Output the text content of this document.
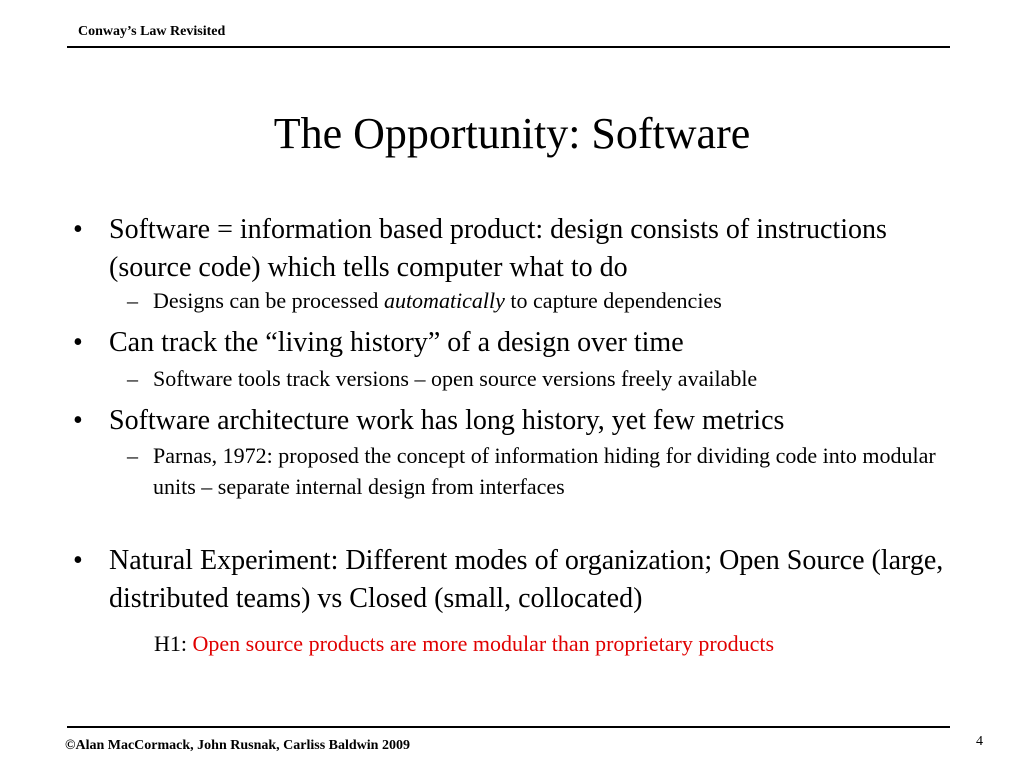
Conway’s Law Revisited
The Opportunity: Software
• Software = information based product: design consists of instructions (source code) which tells computer what to do
– Designs can be processed automatically to capture dependencies
• Can track the “living history” of a design over time
– Software tools track versions – open source versions freely available
• Software architecture work has long history, yet few metrics
– Parnas, 1972: proposed the concept of information hiding for dividing code into modular units – separate internal design from interfaces
• Natural Experiment: Different modes of organization; Open Source (large, distributed teams) vs Closed (small, collocated)
H1: Open source products are more modular than proprietary products
©Alan MacCormack, John Rusnak, Carliss Baldwin 2009	4
